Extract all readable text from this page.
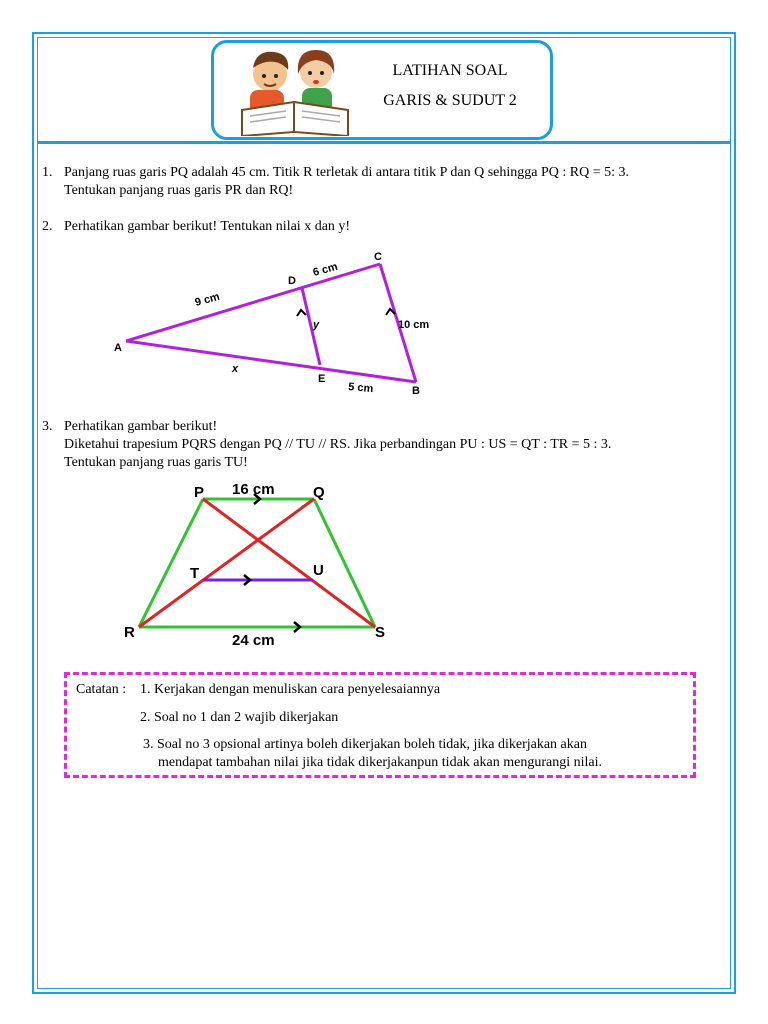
LATIHAN SOAL
GARIS & SUDUT 2
1. Panjang ruas garis PQ adalah 45 cm. Titik R terletak di antara titik P dan Q sehingga PQ : RQ = 5: 3.
Tentukan panjang ruas garis PR dan RQ!
2. Perhatikan gambar berikut! Tentukan nilai x dan y!
A
B
C
D
E
9 cm
6 cm
10 cm
y
x
5 cm
3. Perhatikan gambar berikut!
Diketahui trapesium PQRS dengan PQ // TU // RS. Jika perbandingan PU : US = QT : TR = 5 : 3.
Tentukan panjang ruas garis TU!
P	Q
R	S
T	U
16 cm
24 cm
Catatan : 1. Kerjakan dengan menuliskan cara penyelesaiannya
2. Soal no 1 dan 2 wajib dikerjakan
3. Soal no 3 opsional artinya boleh dikerjakan boleh tidak, jika dikerjakan akan
mendapat tambahan nilai jika tidak dikerjakanpun tidak akan mengurangi nilai.
